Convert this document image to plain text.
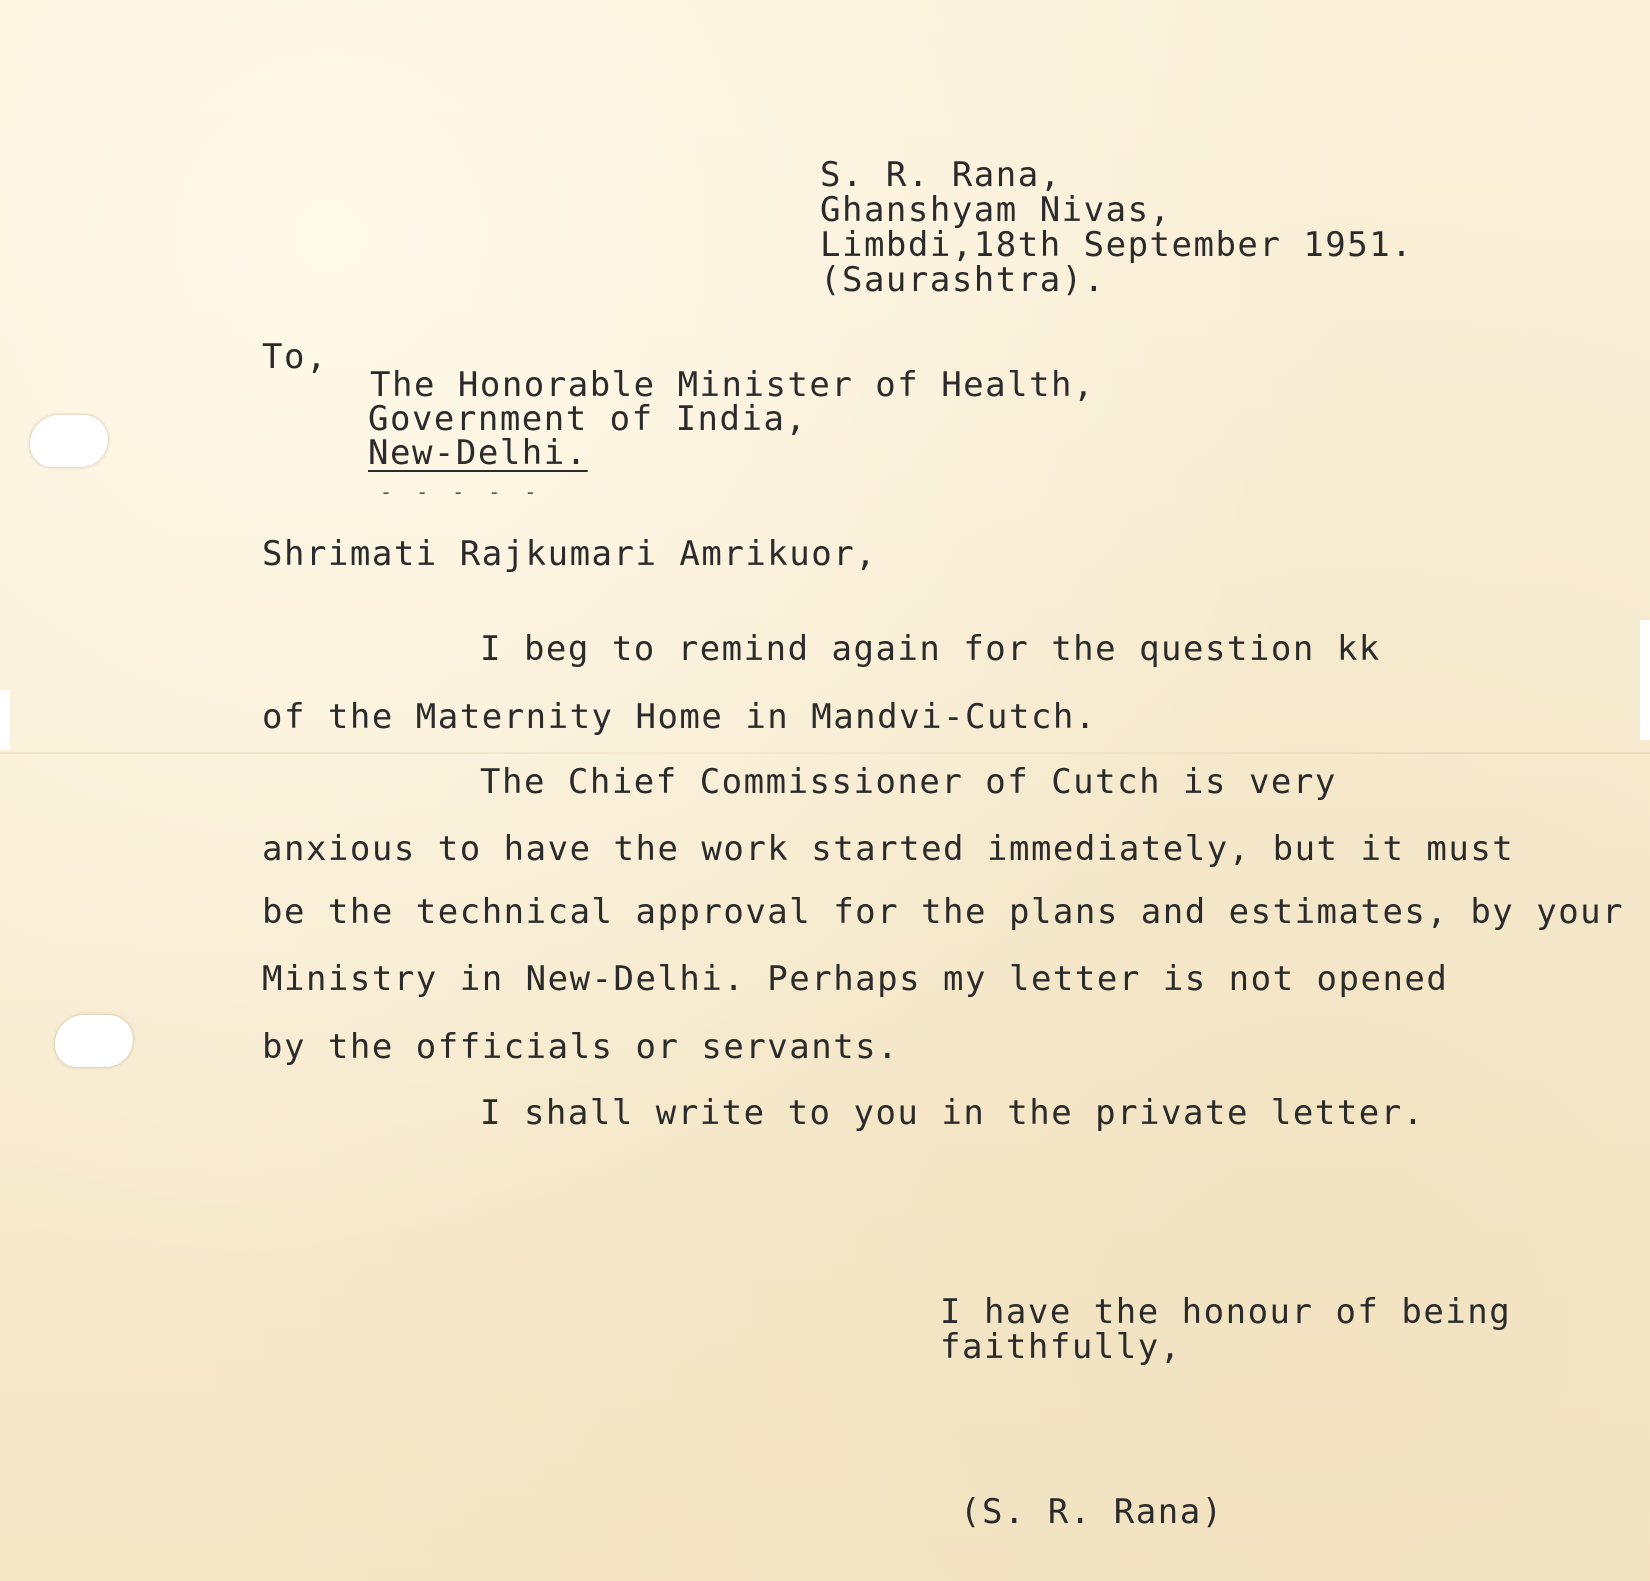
S. R. Rana,
Ghanshyam Nivas,
Limbdi,18th September 1951.
(Saurashtra).
To,
The Honorable Minister of Health,
Government of India,
New-Delhi.
- - - - -
Shrimati Rajkumari Amrikuor,
I beg to remind again for the question kk
of the Maternity Home in Mandvi-Cutch.
The Chief Commissioner of Cutch is very
anxious to have the work started immediately, but it must
be the technical approval for the plans and estimates, by your
Ministry in New-Delhi. Perhaps my letter is not opened
by the officials or servants.
I shall write to you in the private letter.
I have the honour of being
faithfully,
(S. R. Rana)
